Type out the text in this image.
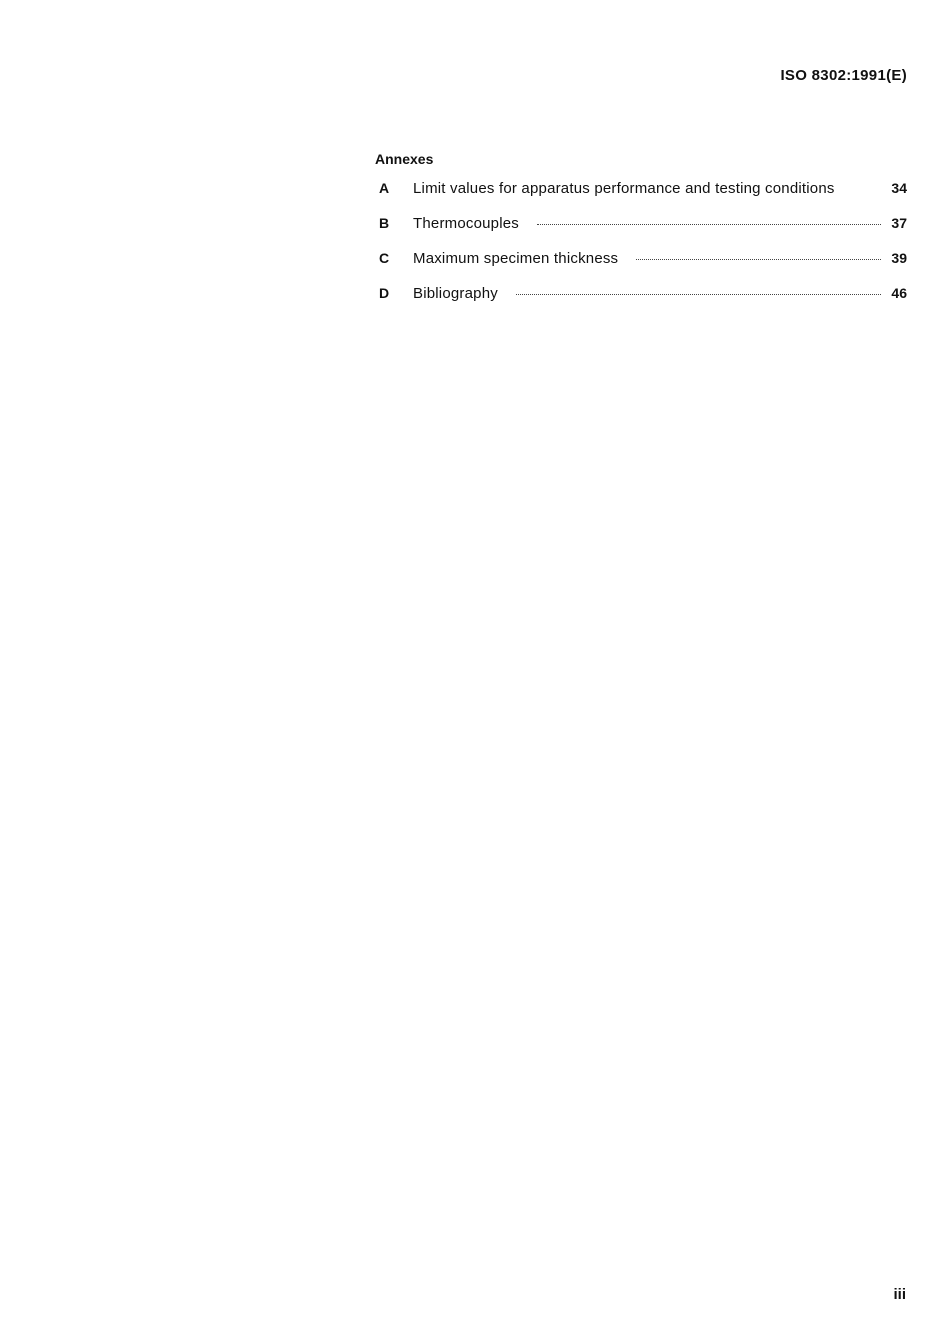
ISO 8302:1991(E)
Annexes
A	Limit values for apparatus performance and testing conditions	34
B	Thermocouples	37
C	Maximum specimen thickness	39
D	Bibliography	46
iii
